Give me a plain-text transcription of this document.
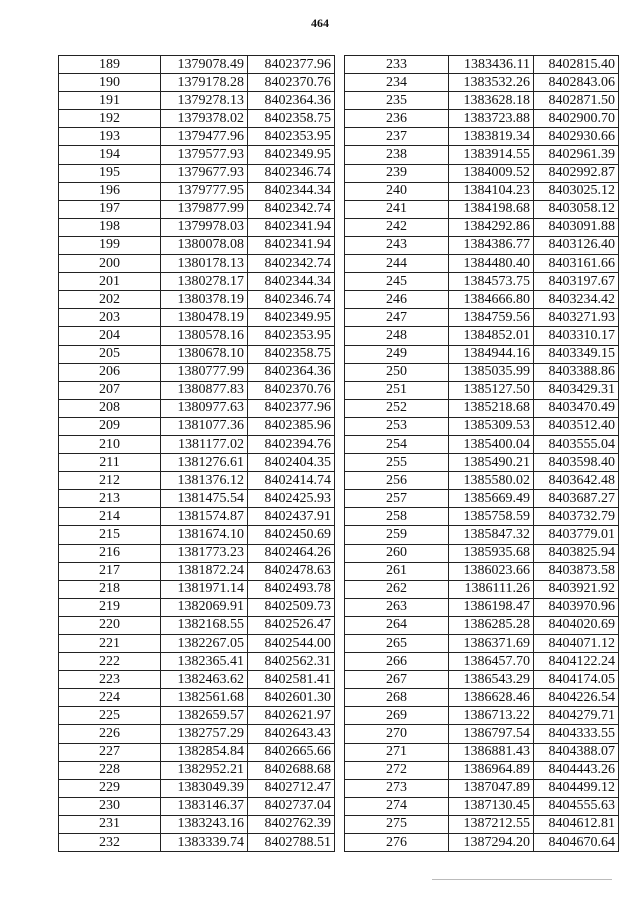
464
189	1379078.49	8402377.96
190	1379178.28	8402370.76
191	1379278.13	8402364.36
192	1379378.02	8402358.75
193	1379477.96	8402353.95
194	1379577.93	8402349.95
195	1379677.93	8402346.74
196	1379777.95	8402344.34
197	1379877.99	8402342.74
198	1379978.03	8402341.94
199	1380078.08	8402341.94
200	1380178.13	8402342.74
201	1380278.17	8402344.34
202	1380378.19	8402346.74
203	1380478.19	8402349.95
204	1380578.16	8402353.95
205	1380678.10	8402358.75
206	1380777.99	8402364.36
207	1380877.83	8402370.76
208	1380977.63	8402377.96
209	1381077.36	8402385.96
210	1381177.02	8402394.76
211	1381276.61	8402404.35
212	1381376.12	8402414.74
213	1381475.54	8402425.93
214	1381574.87	8402437.91
215	1381674.10	8402450.69
216	1381773.23	8402464.26
217	1381872.24	8402478.63
218	1381971.14	8402493.78
219	1382069.91	8402509.73
220	1382168.55	8402526.47
221	1382267.05	8402544.00
222	1382365.41	8402562.31
223	1382463.62	8402581.41
224	1382561.68	8402601.30
225	1382659.57	8402621.97
226	1382757.29	8402643.43
227	1382854.84	8402665.66
228	1382952.21	8402688.68
229	1383049.39	8402712.47
230	1383146.37	8402737.04
231	1383243.16	8402762.39
232	1383339.74	8402788.51
233	1383436.11	8402815.40
234	1383532.26	8402843.06
235	1383628.18	8402871.50
236	1383723.88	8402900.70
237	1383819.34	8402930.66
238	1383914.55	8402961.39
239	1384009.52	8402992.87
240	1384104.23	8403025.12
241	1384198.68	8403058.12
242	1384292.86	8403091.88
243	1384386.77	8403126.40
244	1384480.40	8403161.66
245	1384573.75	8403197.67
246	1384666.80	8403234.42
247	1384759.56	8403271.93
248	1384852.01	8403310.17
249	1384944.16	8403349.15
250	1385035.99	8403388.86
251	1385127.50	8403429.31
252	1385218.68	8403470.49
253	1385309.53	8403512.40
254	1385400.04	8403555.04
255	1385490.21	8403598.40
256	1385580.02	8403642.48
257	1385669.49	8403687.27
258	1385758.59	8403732.79
259	1385847.32	8403779.01
260	1385935.68	8403825.94
261	1386023.66	8403873.58
262	1386111.26	8403921.92
263	1386198.47	8403970.96
264	1386285.28	8404020.69
265	1386371.69	8404071.12
266	1386457.70	8404122.24
267	1386543.29	8404174.05
268	1386628.46	8404226.54
269	1386713.22	8404279.71
270	1386797.54	8404333.55
271	1386881.43	8404388.07
272	1386964.89	8404443.26
273	1387047.89	8404499.12
274	1387130.45	8404555.63
275	1387212.55	8404612.81
276	1387294.20	8404670.64
